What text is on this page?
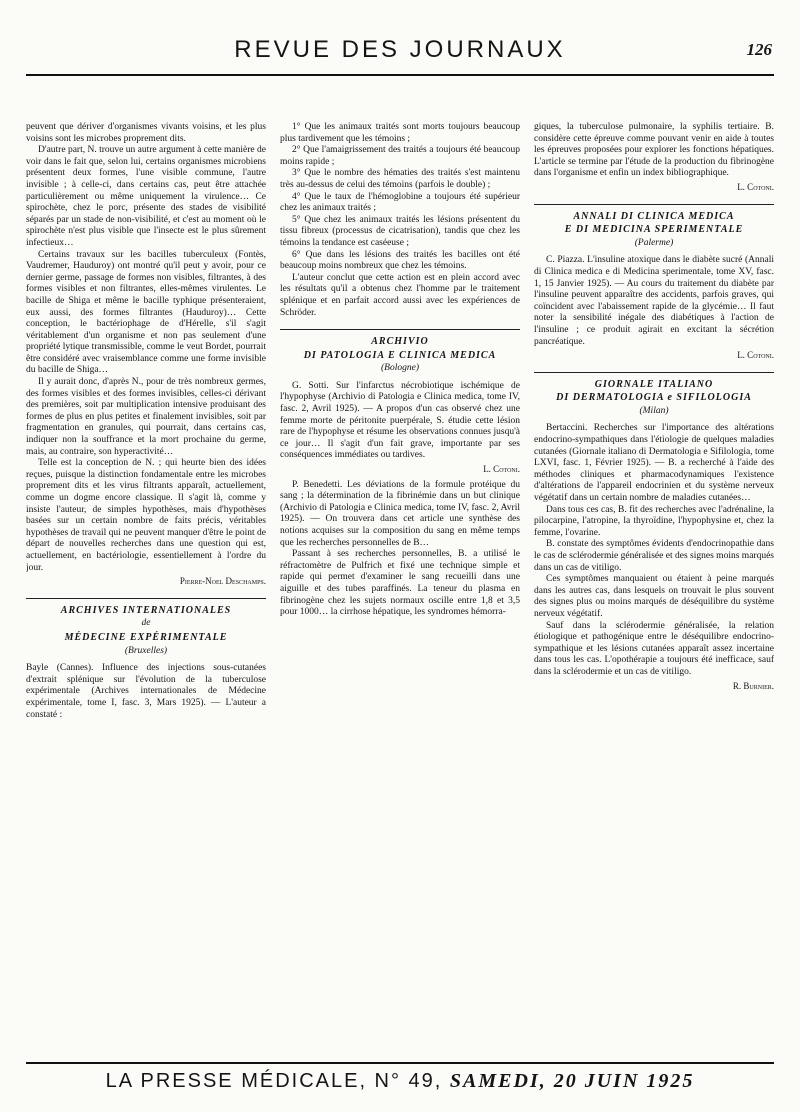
REVUE DES JOURNAUX	126

peuvent que dériver d'organismes vivants voisins, et les plus voisins sont les microbes proprement dits.

D'autre part, N. trouve un autre argument à cette manière de voir dans le fait que, selon lui, certains organismes microbiens présentent deux formes, l'une visible commune, l'autre invisible ; à celle-ci, dans certains cas, peut être attachée particulièrement ou même uniquement la virulence… Ce spirochète, chez le porc, présente des stades de visibilité séparés par un stade de non-visibilité, et c'est au moment où le spirochète n'est plus visible que l'insecte est le plus sûrement infectieux…

Certains travaux sur les bacilles tuberculeux (Fontès, Vaudremer, Hauduroy) ont montré qu'il peut y avoir, pour ce dernier germe, passage de formes non visibles, filtrantes, à des formes visibles et non filtrantes, elles-mêmes virulentes. Le bacille de Shiga et même le bacille typhique présenteraient, eux aussi, des formes filtrantes (Hauduroy)… Cette conception, le bactériophage de d'Hérelle, s'il s'agit véritablement d'un organisme et non pas seulement d'une propriété lytique transmissible, comme le veut Bordet, pourrait être considéré avec vraisemblance comme une forme invisible du bacille de Shiga…

Il y aurait donc, d'après N., pour de très nombreux germes, des formes visibles et des formes invisibles, celles-ci dérivant des premières, soit par multiplication intensive produisant des formes de plus en plus petites et finalement invisibles, soit par fragmentation en granules, qui pourrait, dans certains cas, indiquer non la souffrance et la mort prochaine du germe, mais, au contraire, son hyperactivité…

Telle est la conception de N. ; qui heurte bien des idées reçues, puisque la distinction fondamentale entre les microbes proprement dits et les virus filtrants apparaît, actuellement, comme un dogme encore classique. Il s'agit là, comme y insiste l'auteur, de simples hypothèses, mais d'hypothèses basées sur un certain nombre de faits précis, véritables hypothèses de travail qui ne peuvent manquer d'être le point de départ de nouvelles recherches dans une question qui est, actuellement, en bactériologie, essentiellement à l'ordre du jour.

Pierre-Noel Deschamps.
ARCHIVES INTERNATIONALES
de
MÉDECINE EXPÉRIMENTALE
(Bruxelles)

Bayle (Cannes). Influence des injections sous-cutanées d'extrait splénique sur l'évolution de la tuberculose expérimentale (Archives internationales de Médecine expérimentale, tome I, fasc. 3, Mars 1925). — L'auteur a constaté :

1° Que les animaux traités sont morts toujours beaucoup plus tardivement que les témoins ;

2° Que l'amaigrissement des traités a toujours été beaucoup moins rapide ;

3° Que le nombre des hématies des traités s'est maintenu très au-dessus de celui des témoins (parfois le double) ;

4° Que le taux de l'hémoglobine a toujours été supérieur chez les animaux traités ;

5° Que chez les animaux traités les lésions présentent du tissu fibreux (processus de cicatrisation), tandis que chez les témoins la tendance est caséeuse ;

6° Que dans les lésions des traités les bacilles ont été beaucoup moins nombreux que chez les témoins.

L'auteur conclut que cette action est en plein accord avec les résultats qu'il a obtenus chez l'homme par le traitement splénique et en parfait accord aussi avec les expériences de Schröder.

ARCHIVIO
DI PATOLOGIA E CLINICA MEDICA
(Bologne)

G. Sotti. Sur l'infarctus nécrobiotique ischémique de l'hypophyse (Archivio di Patologia e Clinica medica, tome IV, fasc. 2, Avril 1925). — A propos d'un cas observé chez une femme morte de péritonite puerpérale, S. étudie cette lésion rare de l'hypophyse et résume les observations connues jusqu'à ce jour… Il s'agit d'un fait grave, importante par ses conséquences immédiates ou tardives.

L. Cotoni.

P. Benedetti. Les déviations de la formule protéique du sang ; la détermination de la fibrinémie dans un but clinique (Archivio di Patologia e Clinica medica, tome IV, fasc. 2, Avril 1925). — On trouvera dans cet article une synthèse des notions acquises sur la composition du sang en même temps que les recherches personnelles de B…

Passant à ses recherches personnelles, B. a utilisé le réfractomètre de Pulfrich et fixé une technique simple et rapide qui permet d'examiner le sang recueilli dans une aiguille et des tubes paraffinés. La teneur du plasma en fibrinogène chez les sujets normaux oscille entre 1,8 et 3,5 pour 1000… la cirrhose hépatique, les syndromes hémorra-

giques, la tuberculose pulmonaire, la syphilis tertiaire. B. considère cette épreuve comme pouvant venir en aide à toutes les épreuves proposées pour explorer les fonctions hépatiques. L'article se termine par l'étude de la production du fibrinogène dans l'organisme et enfin un index bibliographique.

L. Cotoni.
ANNALI DI CLINICA MEDICA
E DI MEDICINA SPERIMENTALE
(Palerme)

C. Piazza. L'insuline atoxique dans le diabète sucré (Annali di Clinica medica e di Medicina sperimentale, tome XV, fasc. 1, 15 Janvier 1925). — Au cours du traitement du diabète par l'insuline peuvent apparaître des accidents, parfois graves, qui coïncident avec l'abaissement rapide de la glycémie… Il faut noter la sensibilité inégale des diabétiques à l'action de l'insuline ; ce produit agirait en excitant la sécrétion pancréatique.

L. Cotoni.
GIORNALE ITALIANO
DI DERMATOLOGIA e SIFILOLOGIA
(Milan)

Bertaccini. Recherches sur l'importance des altérations endocrino-sympathiques dans l'étiologie de quelques maladies cutanées (Giornale italiano di Dermatologia e Sifilologia, tome LXVI, fasc. 1, Février 1925). — B. a recherché à l'aide des méthodes cliniques et pharmacodynamiques l'existence d'altérations de l'appareil endocrinien et du système nerveux végétatif dans un certain nombre de maladies cutanées…

Dans tous ces cas, B. fit des recherches avec l'adrénaline, la pilocarpine, l'atropine, la thyroïdine, l'hypophysine et, chez la femme, l'ovarine.

B. constate des symptômes évidents d'endocrinopathie dans le cas de sclérodermie généralisée et des signes moins marqués dans un cas de vitiligo.

Ces symptômes manquaient ou étaient à peine marqués dans les autres cas, dans lesquels on trouvait le plus souvent des signes plus ou moins marqués de déséquilibre du système nerveux végétatif.

Sauf dans la sclérodermie généralisée, la relation étiologique et pathogénique entre le déséquilibre endocrino-sympathique et les lésions cutanées apparaît assez incertaine dans tous les cas. L'opothérapie a toujours été inefficace, sauf dans la sclérodermie et un cas de vitiligo.

R. Burnier.
LA PRESSE MÉDICALE, N° 49, SAMEDI, 20 JUIN 1925
